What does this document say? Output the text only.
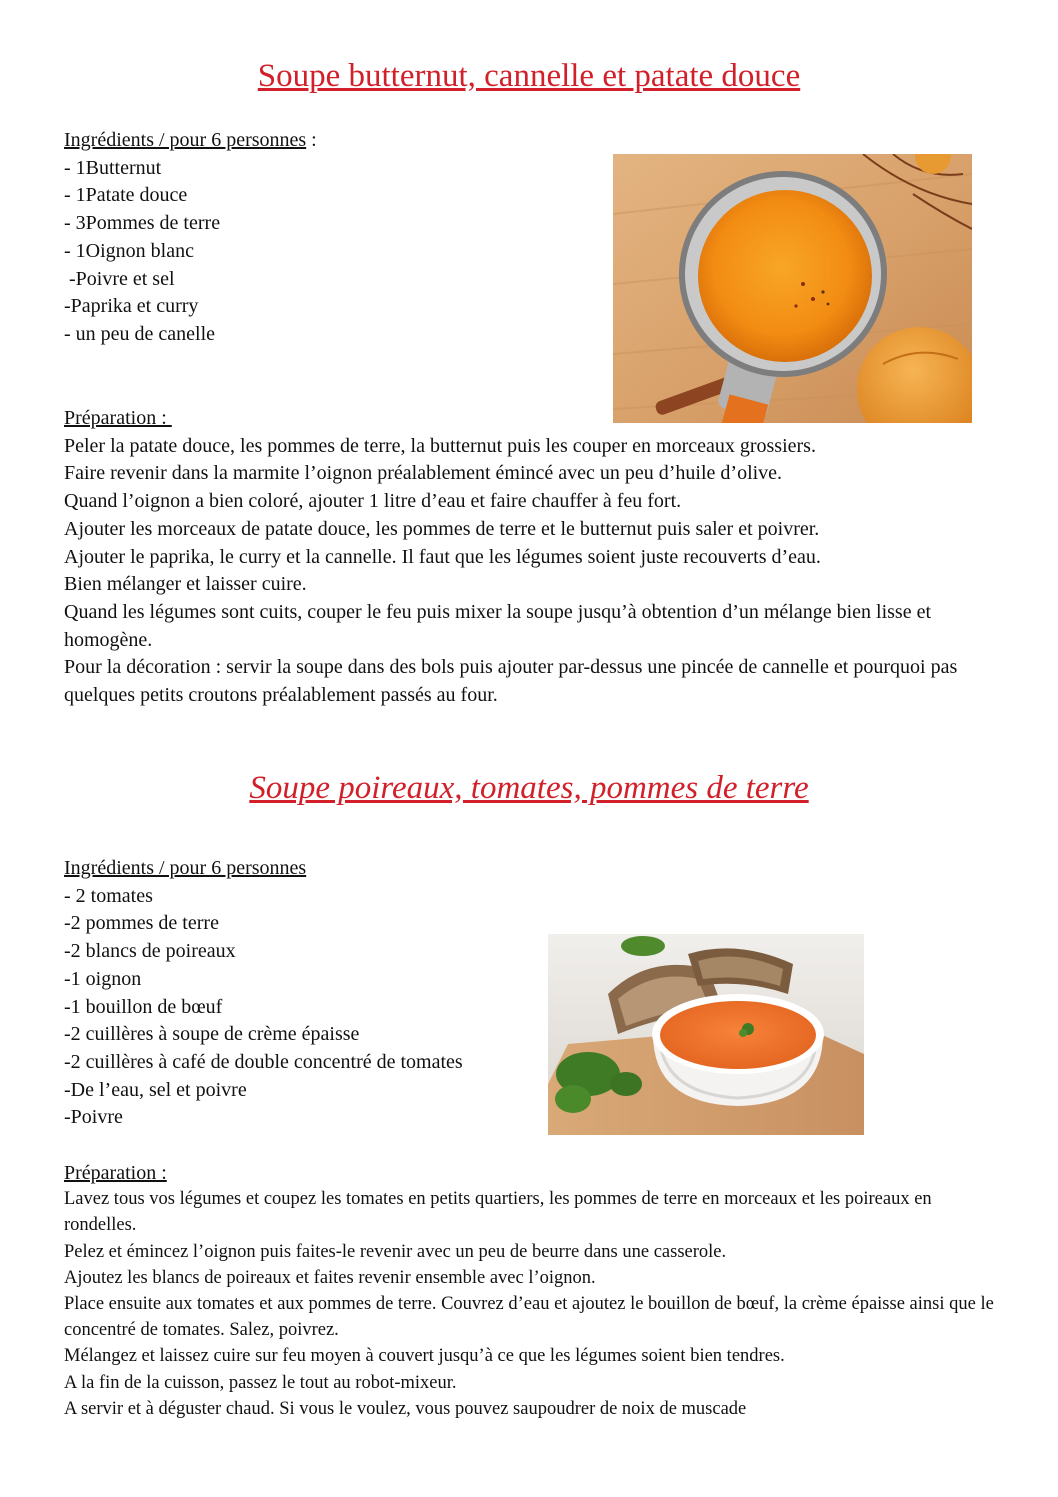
Soupe butternut, cannelle et patate douce

Ingrédients / pour 6 personnes :

- 1Butternut
- 1Patate douce
- 3Pommes de terre
- 1Oignon blanc
-Poivre et sel
-Paprika et curry
- un peu de canelle

Préparation :

Peler la patate douce, les pommes de terre, la butternut puis les couper en morceaux grossiers.

Faire revenir dans la marmite l’oignon préalablement émincé avec un peu d’huile d’olive.

Quand l’oignon a bien coloré, ajouter 1 litre d’eau et faire chauffer à feu fort.

Ajouter les morceaux de patate douce, les pommes de terre et le butternut puis saler et poivrer.

Ajouter le paprika, le curry et la cannelle. Il faut que les légumes soient juste recouverts d’eau.

Bien mélanger et laisser cuire.

Quand les légumes sont cuits, couper le feu puis mixer la soupe jusqu’à obtention d’un mélange bien lisse et homogène.

Pour la décoration : servir la soupe dans des bols puis ajouter par-dessus une pincée de cannelle et pourquoi pas quelques petits croutons préalablement passés au four.

Soupe poireaux, tomates, pommes de terre

Ingrédients / pour 6 personnes

- 2 tomates
-2 pommes de terre
-2 blancs de poireaux
-1 oignon
-1 bouillon de bœuf
-2 cuillères à soupe de crème épaisse
-2 cuillères à café de double concentré de tomates
-De l’eau, sel et poivre
-Poivre

Préparation :

Lavez tous vos légumes et coupez les tomates en petits quartiers, les pommes de terre en morceaux et les poireaux en rondelles.

Pelez et émincez l’oignon puis faites-le revenir avec un peu de beurre dans une casserole.

Ajoutez les blancs de poireaux et faites revenir ensemble avec l’oignon.

Place ensuite aux tomates et aux pommes de terre. Couvrez d’eau et ajoutez le bouillon de bœuf, la crème épaisse ainsi que le concentré de tomates. Salez, poivrez.

Mélangez et laissez cuire sur feu moyen à couvert jusqu’à ce que les légumes soient bien tendres.

A la fin de la cuisson, passez le tout au robot-mixeur.

A servir et à déguster chaud. Si vous le voulez, vous pouvez saupoudrer de noix de muscade
